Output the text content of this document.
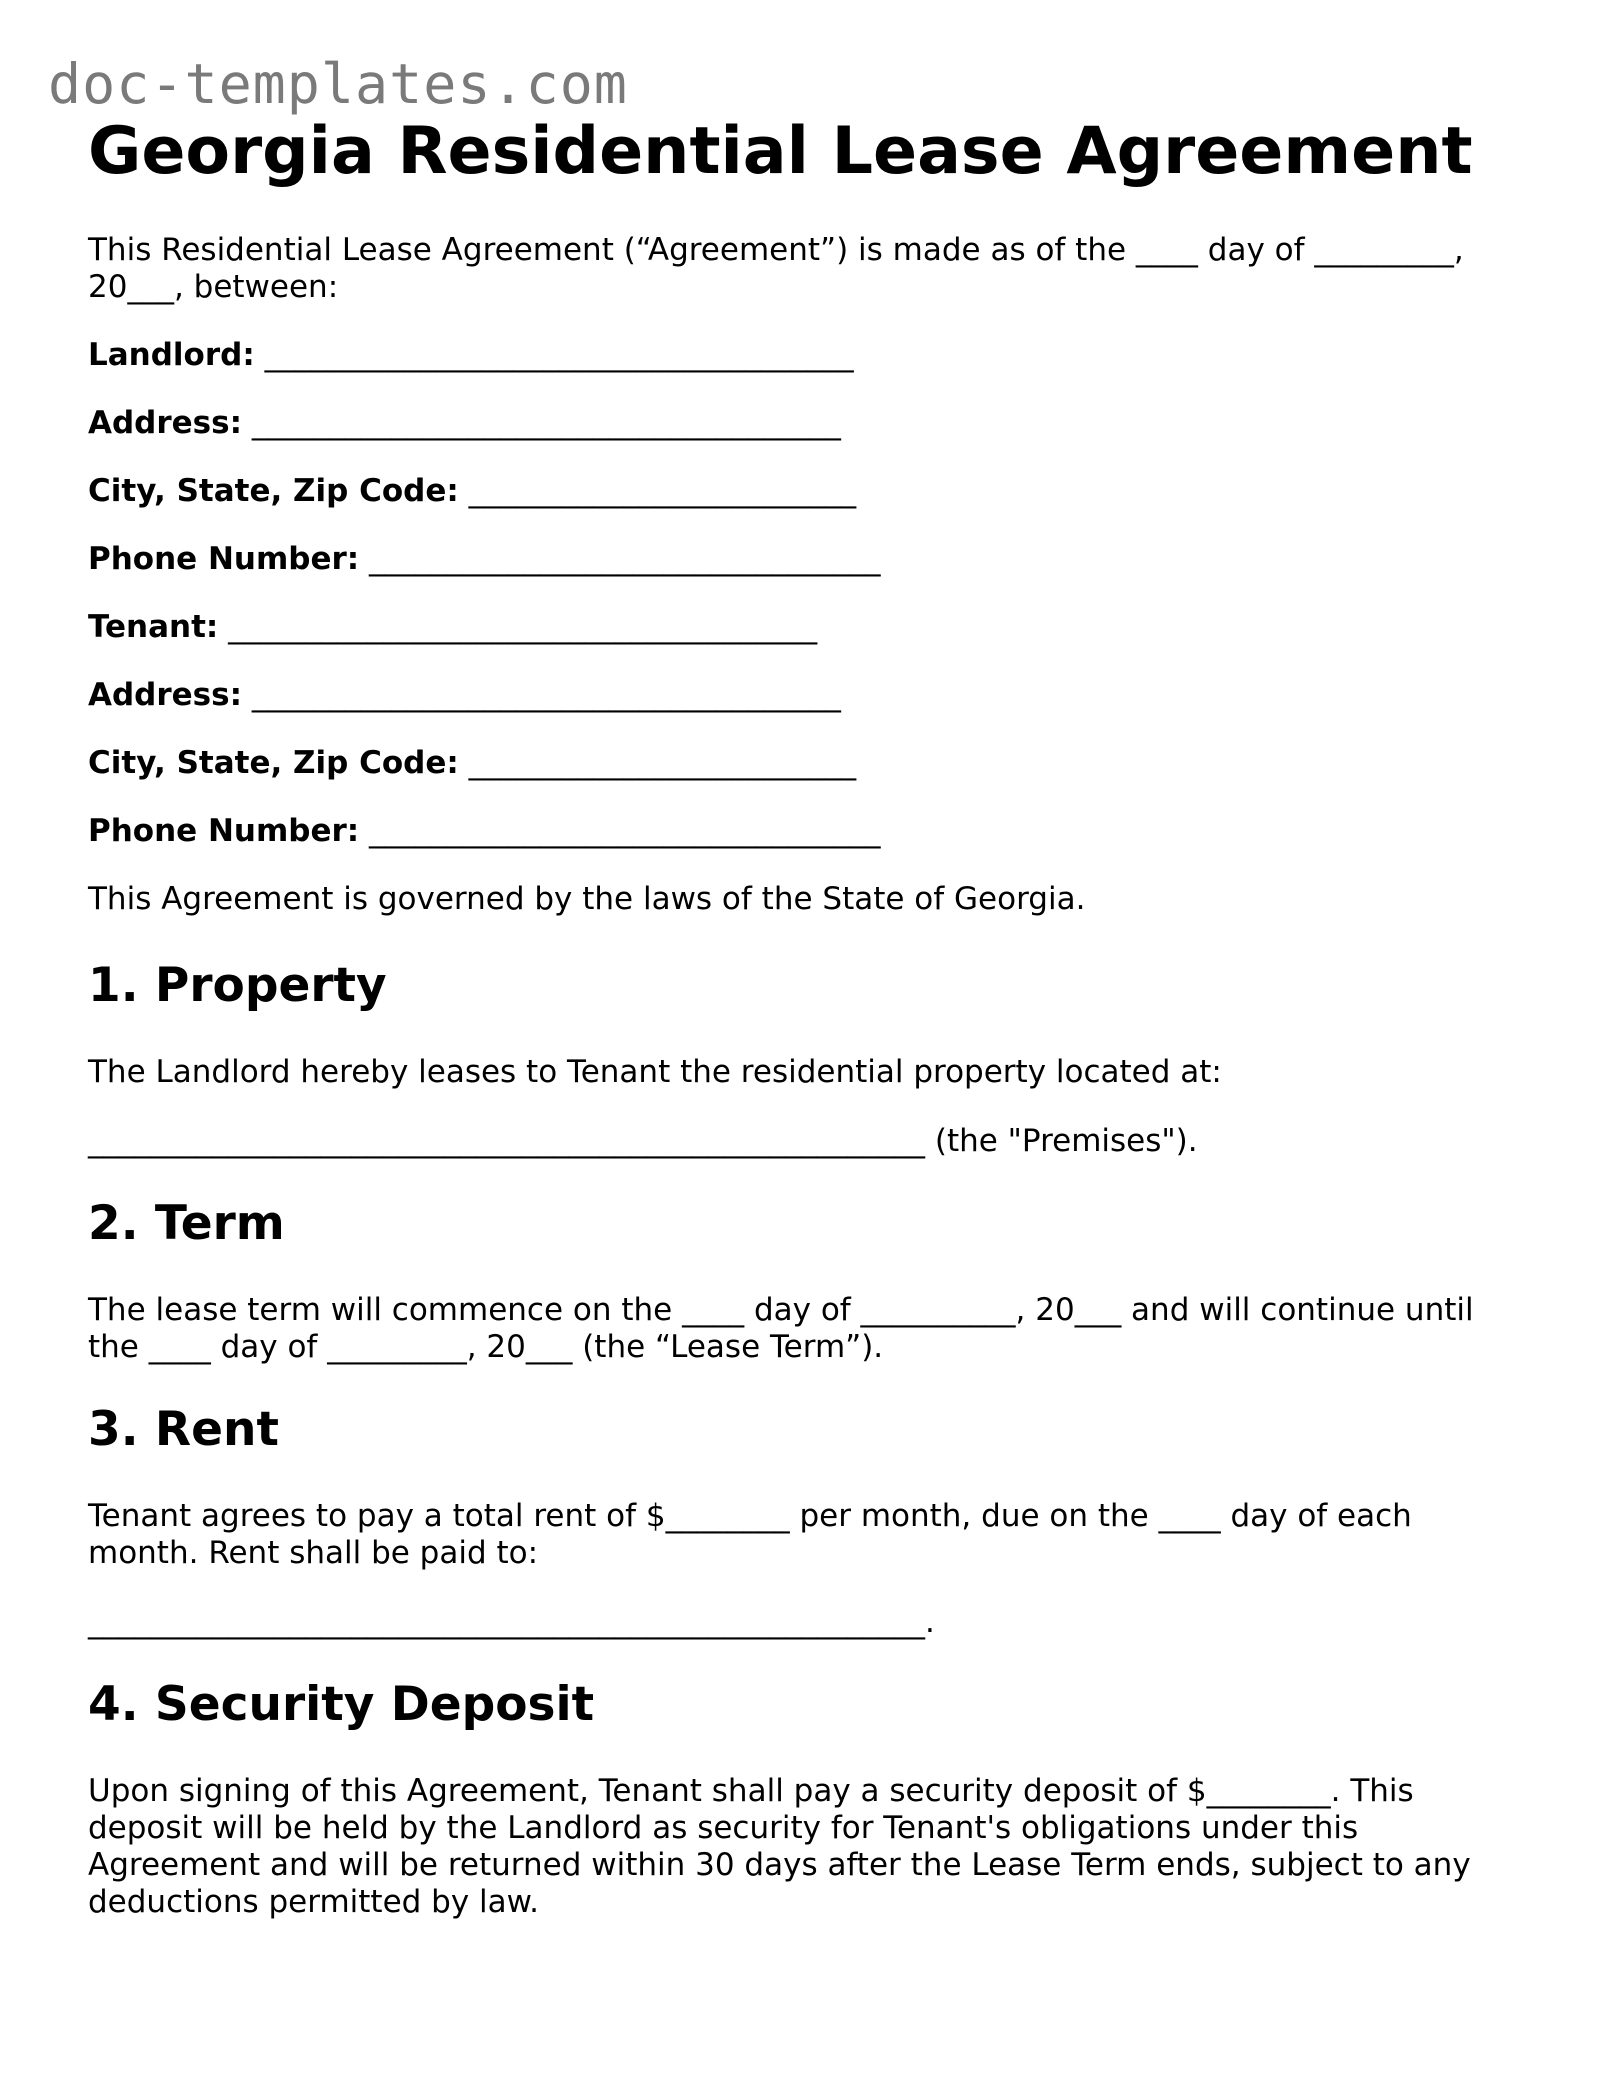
doc-templates.com
Georgia Residential Lease Agreement

This Residential Lease Agreement (“Agreement”) is made as of the ____ day of _________, 20___, between:

Landlord: ______________________________________
Address: ______________________________________
City, State, Zip Code: _________________________
Phone Number: _________________________________
Tenant: ______________________________________
Address: ______________________________________
City, State, Zip Code: _________________________
Phone Number: _________________________________

This Agreement is governed by the laws of the State of Georgia.

1. Property

The Landlord hereby leases to Tenant the residential property located at:

______________________________________________________ (the "Premises").

2. Term

The lease term will commence on the ____ day of __________, 20___ and will continue until the ____ day of _________, 20___ (the “Lease Term”).

3. Rent

Tenant agrees to pay a total rent of $________ per month, due on the ____ day of each month. Rent shall be paid to:

______________________________________________________.

4. Security Deposit

Upon signing of this Agreement, Tenant shall pay a security deposit of $________. This deposit will be held by the Landlord as security for Tenant's obligations under this Agreement and will be returned within 30 days after the Lease Term ends, subject to any deductions permitted by law.
